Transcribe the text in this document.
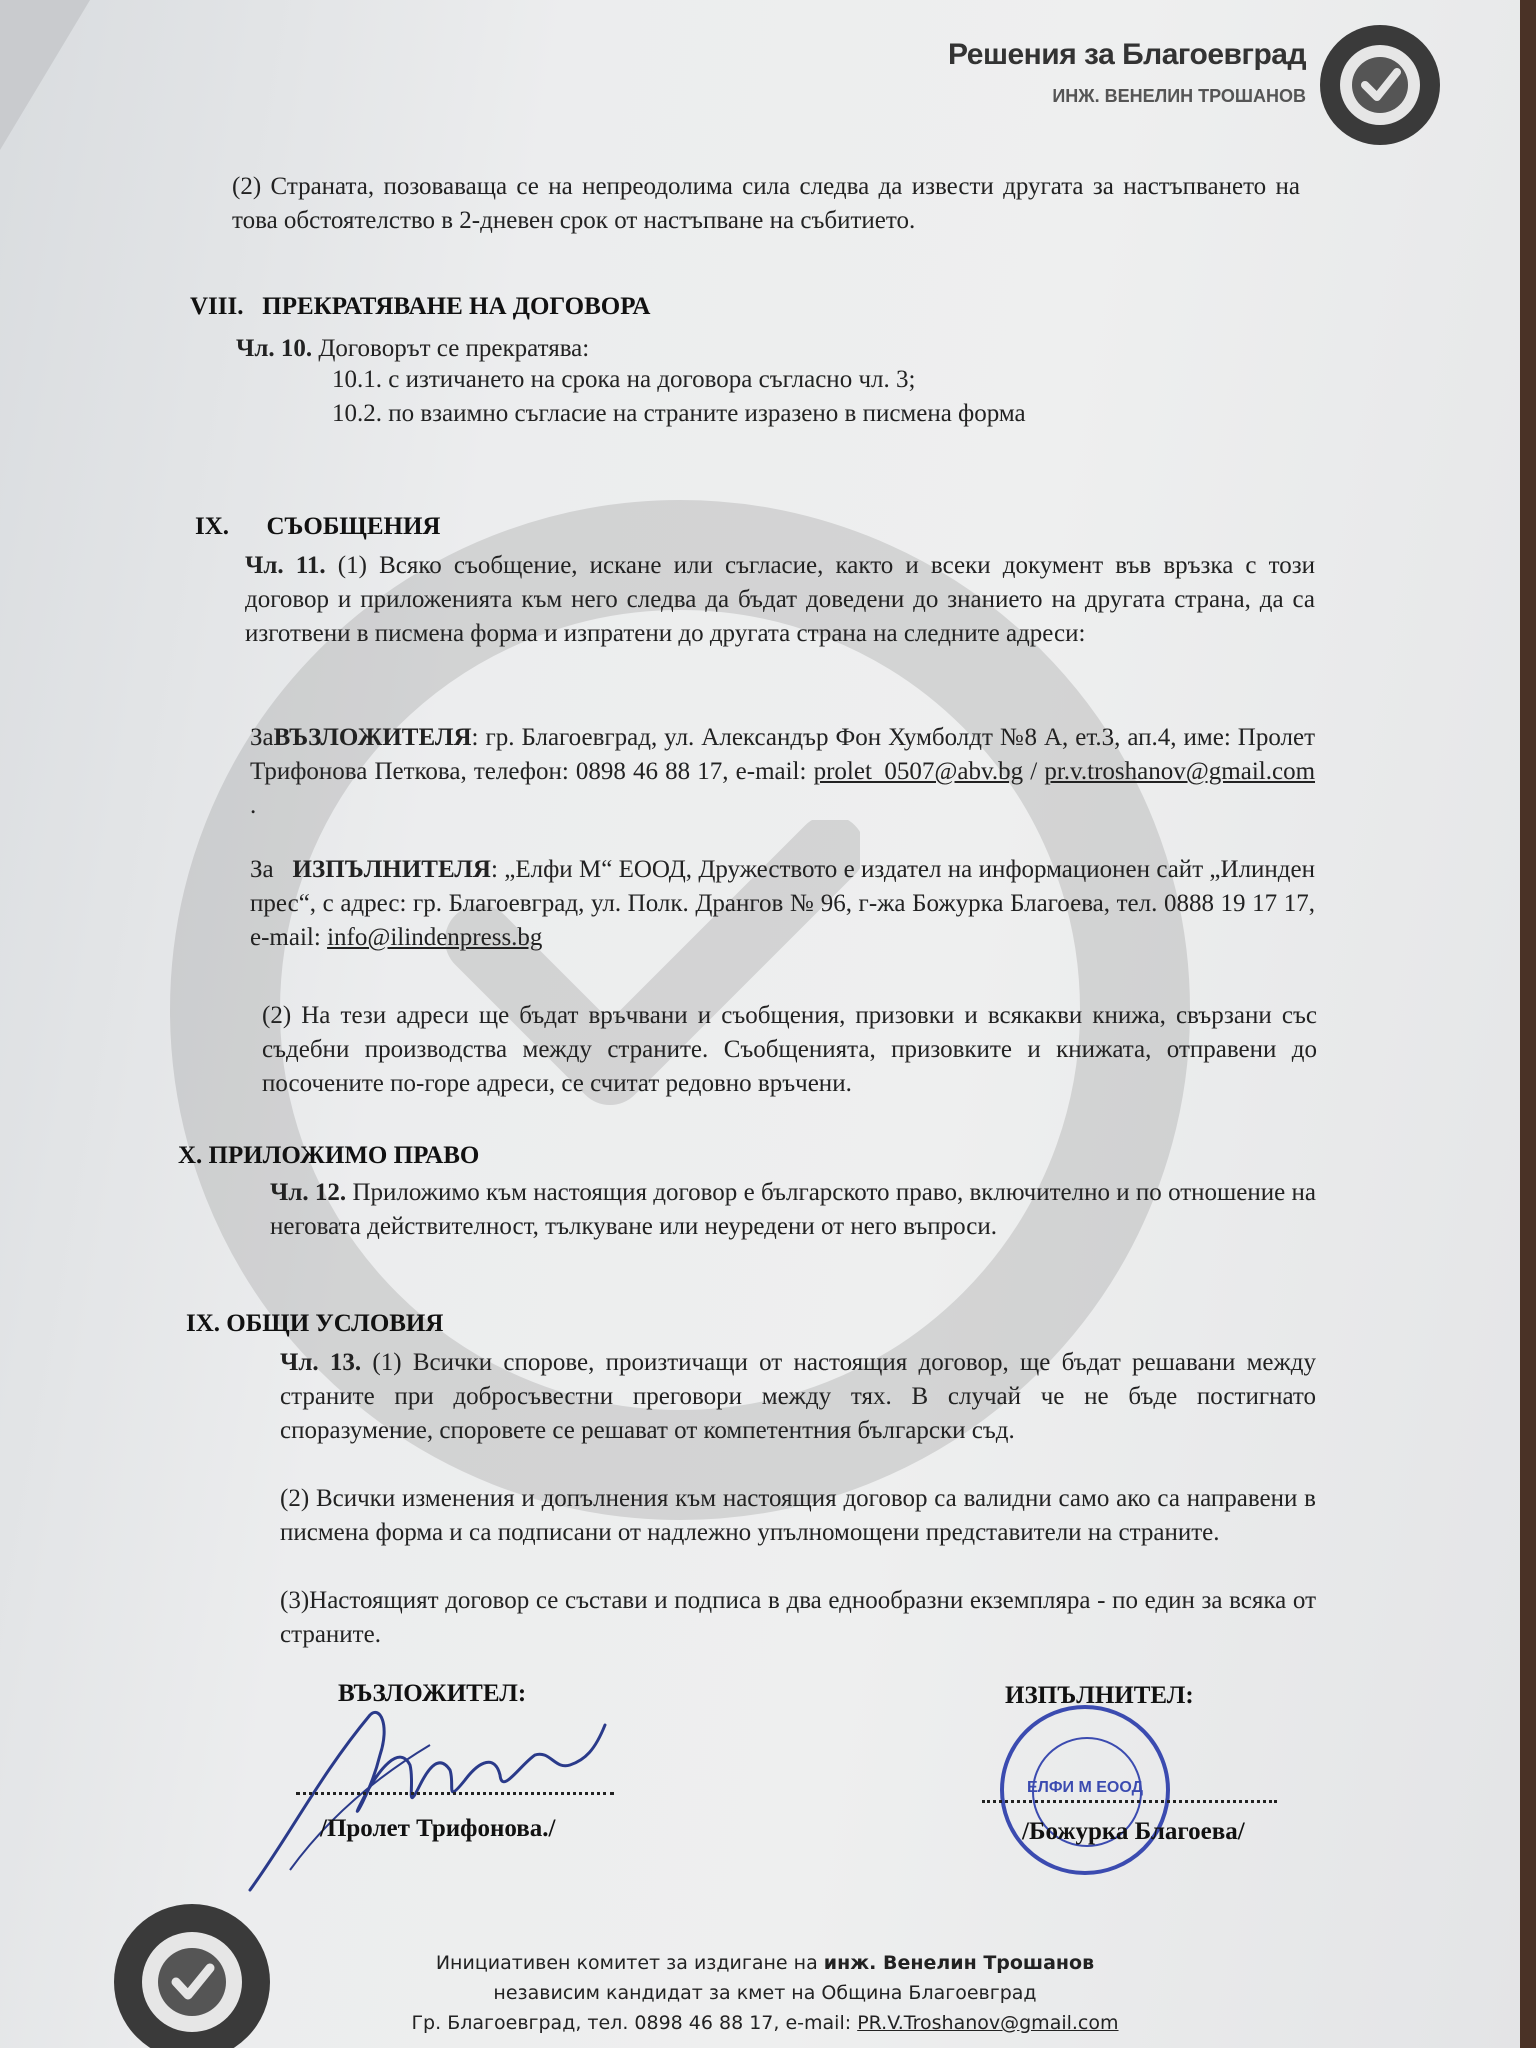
Решения за Благоевград
ИНЖ. ВЕНЕЛИН ТРОШАНОВ
(2) Страната, позоваваща се на непреодолима сила следва да извести другата за настъпването на това обстоятелство в 2-дневен срок от настъпване на събитието.
VIII. ПРЕКРАТЯВАНЕ НА ДОГОВОРА
Чл. 10. Договорът се прекратява:
10.1. с изтичането на срока на договора съгласно чл. 3;
10.2. по взаимно съгласие на страните изразено в писмена форма
IX. СЪОБЩЕНИЯ
Чл. 11. (1) Всяко съобщение, искане или съгласие, както и всеки документ във връзка с този договор и приложенията към него следва да бъдат доведени до знанието на другата страна, да са изготвени в писмена форма и изпратени до другата страна на следните адреси:
ЗаВЪЗЛОЖИТЕЛЯ: гр. Благоевград, ул. Александър Фон Хумболдт №8 А, ет.3, ап.4, име: Пролет Трифонова Петкова, телефон: 0898 46 88 17, e-mail: prolet_0507@abv.bg / pr.v.troshanov@gmail.com .
За ИЗПЪЛНИТЕЛЯ: „Елфи М“ ЕООД, Дружеството е издател на информационен сайт „Илинден прес“, с адрес: гр. Благоевград, ул. Полк. Дрангов № 96, г-жа Божурка Благоева, тел. 0888 19 17 17, e-mail: info@ilindenpress.bg
(2) На тези адреси ще бъдат връчвани и съобщения, призовки и всякакви книжа, свързани със съдебни производства между страните. Съобщенията, призовките и книжата, отправени до посочените по-горе адреси, се считат редовно връчени.
X. ПРИЛОЖИМО ПРАВО
Чл. 12. Приложимо към настоящия договор е българското право, включително и по отношение на неговата действителност, тълкуване или неуредени от него въпроси.
IX. ОБЩИ УСЛОВИЯ
Чл. 13. (1) Всички спорове, произтичащи от настоящия договор, ще бъдат решавани между страните при добросъвестни преговори между тях. В случай че не бъде постигнато споразумение, споровете се решават от компетентния български съд.
(2) Всички изменения и допълнения към настоящия договор са валидни само ако са направени в писмена форма и са подписани от надлежно упълномощени представители на страните.
(3)Настоящият договор се състави и подписа в два еднообразни екземпляра - по един за всяка от страните.
ВЪЗЛОЖИТЕЛ:
/Пролет Трифонова./
ИЗПЪЛНИТЕЛ:
ЕЛФИ М ЕООД
/Божурка Благоева/
Инициативен комитет за издигане на инж. Венелин Трошанов
независим кандидат за кмет на Община Благоевград
Гр. Благоевград, тел. 0898 46 88 17, e-mail: PR.V.Troshanov@gmail.com
